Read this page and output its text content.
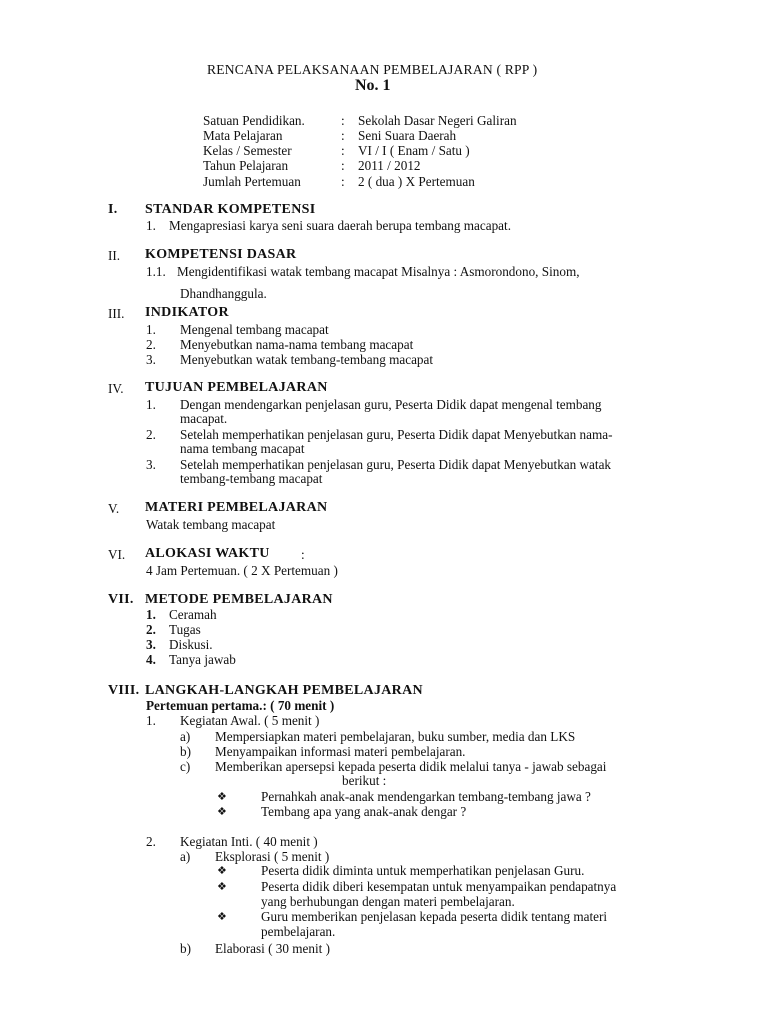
RENCANA PELAKSANAAN PEMBELAJARAN ( RPP )
No. 1
Satuan Pendidikan.	: Sekolah Dasar Negeri Galiran
Mata Pelajaran	: Seni Suara Daerah
Kelas / Semester	: VI / I ( Enam / Satu )
Tahun Pelajaran	: 2011 / 2012
Jumlah Pertemuan	: 2 ( dua ) X Pertemuan
I. STANDAR KOMPETENSI
1. Mengapresiasi karya seni suara daerah berupa tembang macapat.
II. KOMPETENSI DASAR
1.1. Mengidentifikasi watak tembang macapat Misalnya : Asmorondono, Sinom,
Dhandhanggula.
III. INDIKATOR
1. Mengenal tembang macapat
2. Menyebutkan nama-nama tembang macapat
3. Menyebutkan watak tembang-tembang macapat
IV. TUJUAN PEMBELAJARAN
1. Dengan mendengarkan penjelasan guru, Peserta Didik dapat mengenal tembang
macapat.
2. Setelah memperhatikan penjelasan guru, Peserta Didik dapat Menyebutkan nama-
nama tembang macapat
3. Setelah memperhatikan penjelasan guru, Peserta Didik dapat Menyebutkan watak
tembang-tembang macapat
V. MATERI PEMBELAJARAN
Watak tembang macapat
VI. ALOKASI WAKTU :
4 Jam Pertemuan. ( 2 X Pertemuan )
VII. METODE PEMBELAJARAN
1. Ceramah
2. Tugas
3. Diskusi.
4. Tanya jawab
VIII. LANGKAH-LANGKAH PEMBELAJARAN
Pertemuan pertama.: ( 70 menit )
1. Kegiatan Awal. ( 5 menit )
a) Mempersiapkan materi pembelajaran, buku sumber, media dan LKS
b) Menyampaikan informasi materi pembelajaran.
c) Memberikan apersepsi kepada peserta didik melalui tanya - jawab sebagai
berikut :
❖	Pernahkah anak-anak mendengarkan tembang-tembang jawa ?
❖	Tembang apa yang anak-anak dengar ?
2. Kegiatan Inti. ( 40 menit )
a) Eksplorasi ( 5 menit )
❖	Peserta didik diminta untuk memperhatikan penjelasan Guru.
❖	Peserta didik diberi kesempatan untuk menyampaikan pendapatnya
yang berhubungan dengan materi pembelajaran.
❖	Guru memberikan penjelasan kepada peserta didik tentang materi
pembelajaran.
b) Elaborasi ( 30 menit )
